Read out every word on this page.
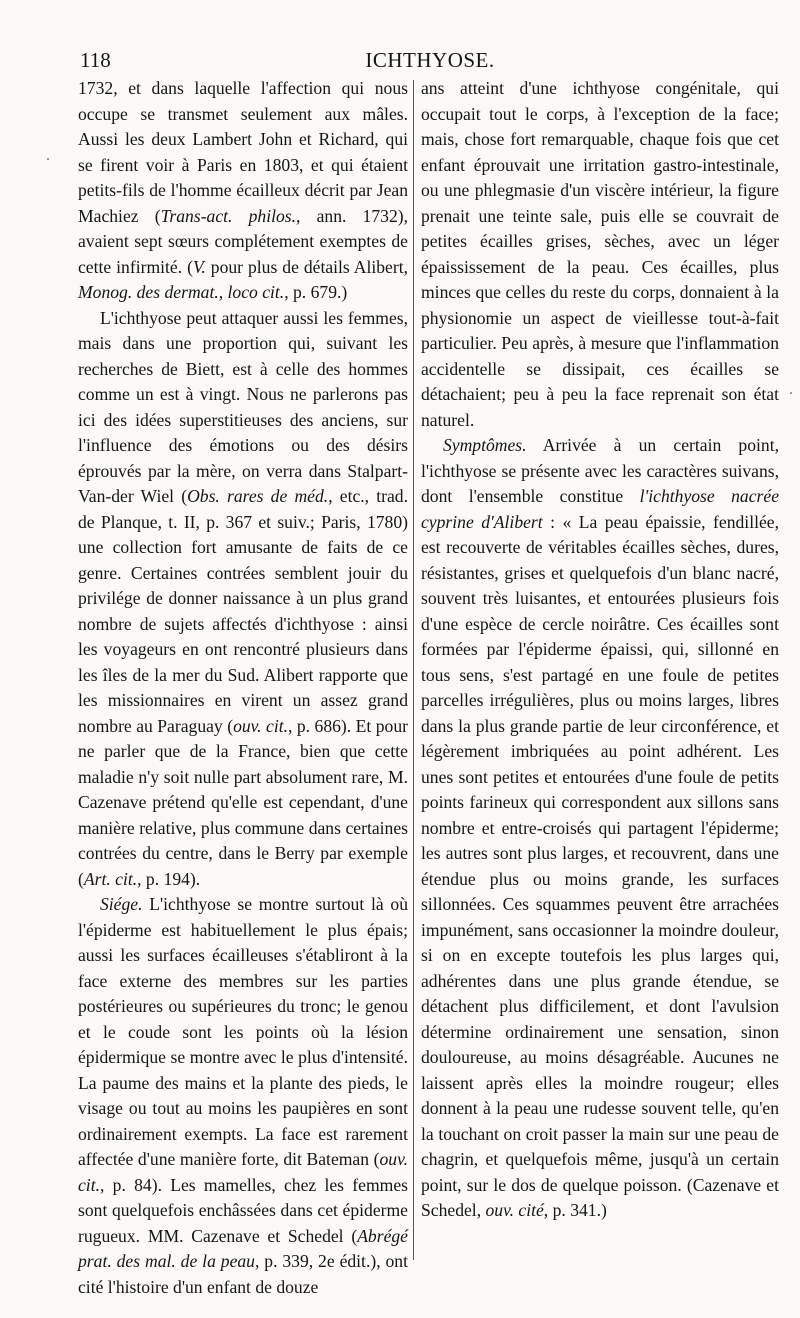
118	ICHTHYOSE.

1732, et dans laquelle l'affection qui nous occupe se transmet seulement aux mâles. Aussi les deux Lambert John et Richard, qui se firent voir à Paris en 1803, et qui étaient petits-fils de l'homme écailleux décrit par Jean Machiez (Trans-act. philos., ann. 1732), avaient sept sœurs complétement exemptes de cette infirmité. (V. pour plus de détails Alibert, Monog. des dermat., loco cit., p. 679.)

L'ichthyose peut attaquer aussi les femmes, mais dans une proportion qui, suivant les recherches de Biett, est à celle des hommes comme un est à vingt. Nous ne parlerons pas ici des idées superstitieuses des anciens, sur l'influence des émotions ou des désirs éprouvés par la mère, on verra dans Stalpart-Van-der Wiel (Obs. rares de méd., etc., trad. de Planque, t. II, p. 367 et suiv.; Paris, 1780) une collection fort amusante de faits de ce genre. Certaines contrées semblent jouir du privilége de donner naissance à un plus grand nombre de sujets affectés d'ichthyose : ainsi les voyageurs en ont rencontré plusieurs dans les îles de la mer du Sud. Alibert rapporte que les missionnaires en virent un assez grand nombre au Paraguay (ouv. cit., p. 686). Et pour ne parler que de la France, bien que cette maladie n'y soit nulle part absolument rare, M. Cazenave prétend qu'elle est cependant, d'une manière relative, plus commune dans certaines contrées du centre, dans le Berry par exemple (Art. cit., p. 194).

Siége. L'ichthyose se montre surtout là où l'épiderme est habituellement le plus épais; aussi les surfaces écailleuses s'établiront à la face externe des membres sur les parties postérieures ou supérieures du tronc; le genou et le coude sont les points où la lésion épidermique se montre avec le plus d'intensité. La paume des mains et la plante des pieds, le visage ou tout au moins les paupières en sont ordinairement exempts. La face est rarement affectée d'une manière forte, dit Bateman (ouv. cit., p. 84). Les mamelles, chez les femmes sont quelquefois enchâssées dans cet épiderme rugueux. MM. Cazenave et Schedel (Abrégé prat. des mal. de la peau, p. 339, 2e édit.), ont cité l'histoire d'un enfant de douze

ans atteint d'une ichthyose congénitale, qui occupait tout le corps, à l'exception de la face; mais, chose fort remarquable, chaque fois que cet enfant éprouvait une irritation gastro-intestinale, ou une phlegmasie d'un viscère intérieur, la figure prenait une teinte sale, puis elle se couvrait de petites écailles grises, sèches, avec un léger épaississement de la peau. Ces écailles, plus minces que celles du reste du corps, donnaient à la physionomie un aspect de vieillesse tout-à-fait particulier. Peu après, à mesure que l'inflammation accidentelle se dissipait, ces écailles se détachaient; peu à peu la face reprenait son état naturel.

Symptômes. Arrivée à un certain point, l'ichthyose se présente avec les caractères suivans, dont l'ensemble constitue l'ichthyose nacrée cyprine d'Alibert : « La peau épaissie, fendillée, est recouverte de véritables écailles sèches, dures, résistantes, grises et quelquefois d'un blanc nacré, souvent très luisantes, et entourées plusieurs fois d'une espèce de cercle noirâtre. Ces écailles sont formées par l'épiderme épaissi, qui, sillonné en tous sens, s'est partagé en une foule de petites parcelles irrégulières, plus ou moins larges, libres dans la plus grande partie de leur circonférence, et légèrement imbriquées au point adhérent. Les unes sont petites et entourées d'une foule de petits points farineux qui correspondent aux sillons sans nombre et entre-croisés qui partagent l'épiderme; les autres sont plus larges, et recouvrent, dans une étendue plus ou moins grande, les surfaces sillonnées. Ces squammes peuvent être arrachées impunément, sans occasionner la moindre douleur, si on en excepte toutefois les plus larges qui, adhérentes dans une plus grande étendue, se détachent plus difficilement, et dont l'avulsion détermine ordinairement une sensation, sinon douloureuse, au moins désagréable. Aucunes ne laissent après elles la moindre rougeur; elles donnent à la peau une rudesse souvent telle, qu'en la touchant on croit passer la main sur une peau de chagrin, et quelquefois même, jusqu'à un certain point, sur le dos de quelque poisson. (Cazenave et Schedel, ouv. cité, p. 341.)
